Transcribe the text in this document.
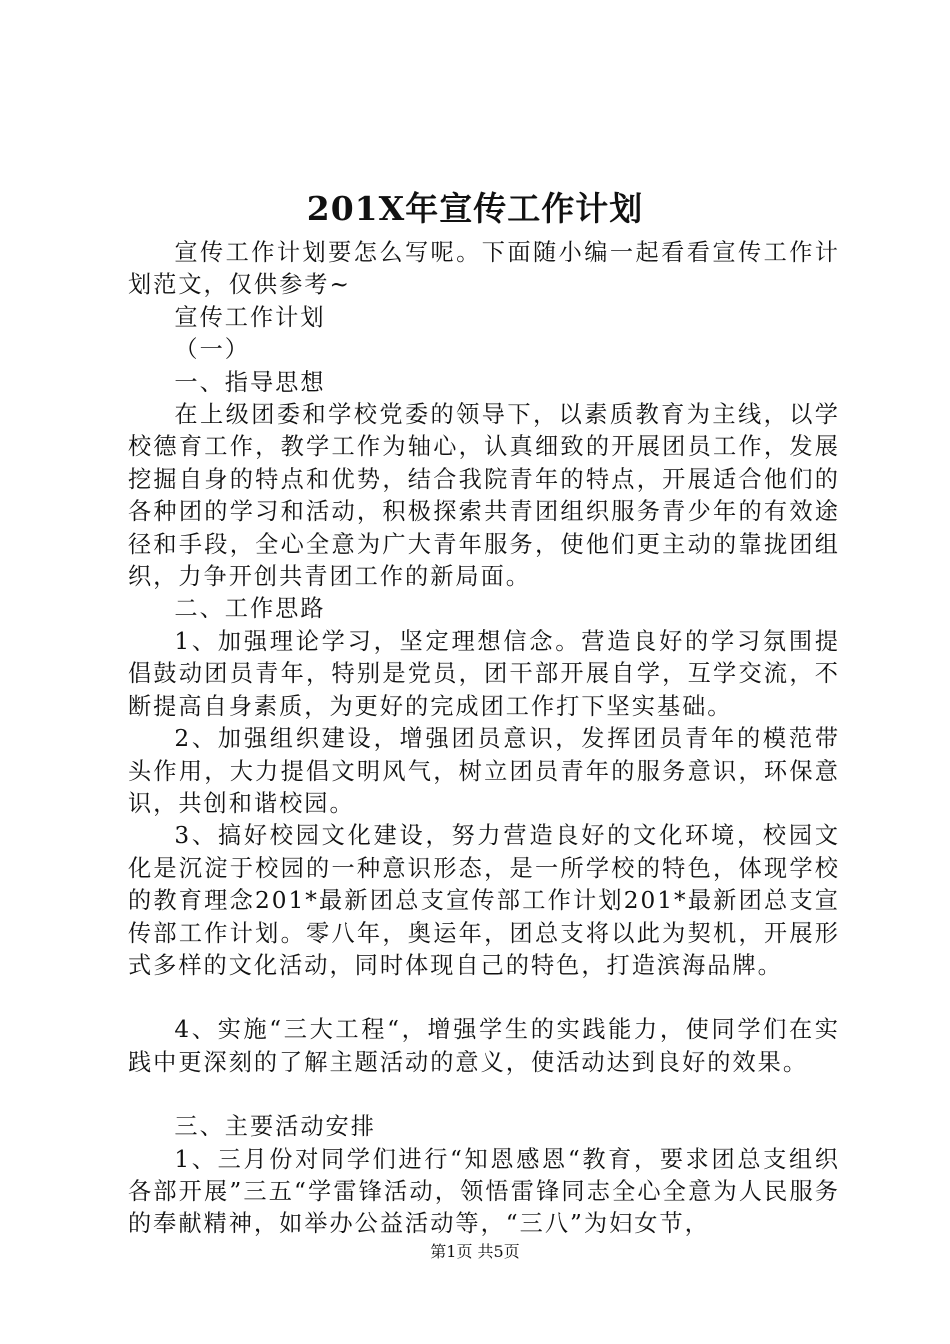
201X年宣传工作计划

宣传工作计划要怎么写呢。下面随小编一起看看宣传工作计划范文，仅供参考~

宣传工作计划

（一）

一、指导思想

在上级团委和学校党委的领导下，以素质教育为主线，以学校德育工作，教学工作为轴心，认真细致的开展团员工作，发展挖掘自身的特点和优势，结合我院青年的特点，开展适合他们的各种团的学习和活动，积极探索共青团组织服务青少年的有效途径和手段，全心全意为广大青年服务，使他们更主动的靠拢团组织，力争开创共青团工作的新局面。

二、工作思路

1、加强理论学习，坚定理想信念。营造良好的学习氛围提倡鼓动团员青年，特别是党员，团干部开展自学，互学交流，不断提高自身素质，为更好的完成团工作打下坚实基础。

2、加强组织建设，增强团员意识，发挥团员青年的模范带头作用，大力提倡文明风气，树立团员青年的服务意识，环保意识，共创和谐校园。

3、搞好校园文化建设，努力营造良好的文化环境，校园文化是沉淀于校园的一种意识形态，是一所学校的特色，体现学校的教育理念201*最新团总支宣传部工作计划201*最新团总支宣传部工作计划。零八年，奥运年，团总支将以此为契机，开展形式多样的文化活动，同时体现自己的特色，打造滨海品牌。

4、实施“三大工程“，增强学生的实践能力，使同学们在实践中更深刻的了解主题活动的意义，使活动达到良好的效果。

三、主要活动安排

1、三月份对同学们进行“知恩感恩“教育，要求团总支组织各部开展”三五“学雷锋活动，领悟雷锋同志全心全意为人民服务的奉献精神，如举办公益活动等，“三八”为妇女节，

第1页 共5页
